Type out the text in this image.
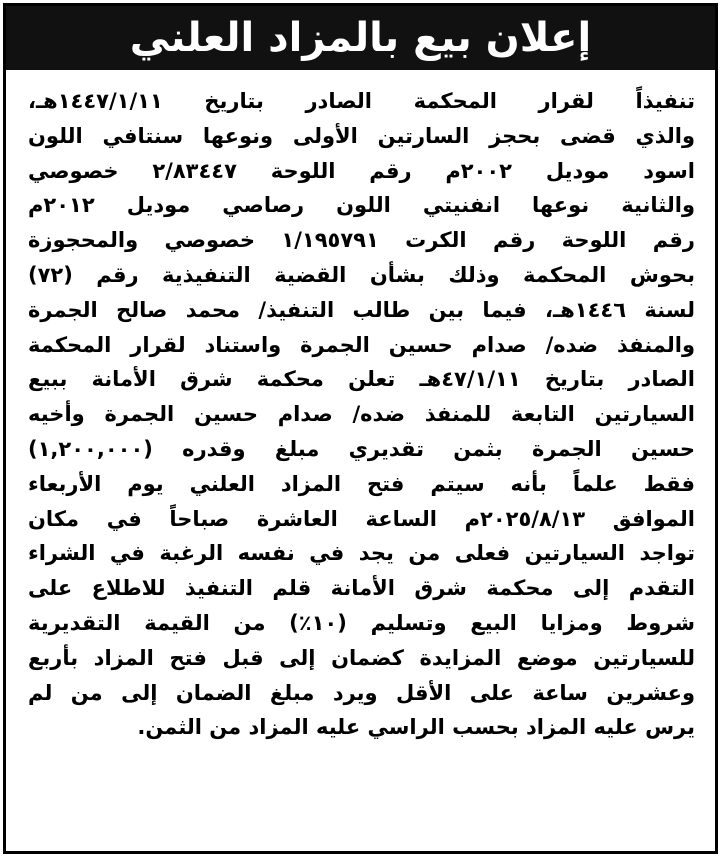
إعلان بيع بالمزاد العلني
تنفيذاً لقرار المحكمة الصادر بتاريخ ١٤٤٧/١/١١هـ،
والذي قضى بحجز السارتين الأولى ونوعها سنتافي اللون
اسود موديل ٢٠٠٢م رقم اللوحة ٢/٨٣٤٤٧ خصوصي
والثانية نوعها انفنيتي اللون رصاصي موديل ٢٠١٢م
رقم اللوحة رقم الكرت ١/١٩٥٧٩١ خصوصي والمحجوزة
بحوش المحكمة وذلك بشأن القضية التنفيذية رقم (٧٢)
لسنة ١٤٤٦هـ، فيما بين طالب التنفيذ/ محمد صالح الجمرة
والمنفذ ضده/ صدام حسين الجمرة واستناد لقرار المحكمة
الصادر بتاريخ ٤٧/١/١١هـ تعلن محكمة شرق الأمانة ببيع
السيارتين التابعة للمنفذ ضده/ صدام حسين الجمرة وأخيه
حسين الجمرة بثمن تقديري مبلغ وقدره (١,٢٠٠,٠٠٠)
فقط علماً بأنه سيتم فتح المزاد العلني يوم الأربعاء
الموافق ٢٠٢٥/٨/١٣م الساعة العاشرة صباحاً في مكان
تواجد السيارتين فعلى من يجد في نفسه الرغبة في الشراء
التقدم إلى محكمة شرق الأمانة قلم التنفيذ للاطلاع على
شروط ومزايا البيع وتسليم (١٠٪) من القيمة التقديرية
للسيارتين موضع المزايدة كضمان إلى قبل فتح المزاد بأربع
وعشرين ساعة على الأقل ويرد مبلغ الضمان إلى من لم
يرس عليه المزاد بحسب الراسي عليه المزاد من الثمن.
